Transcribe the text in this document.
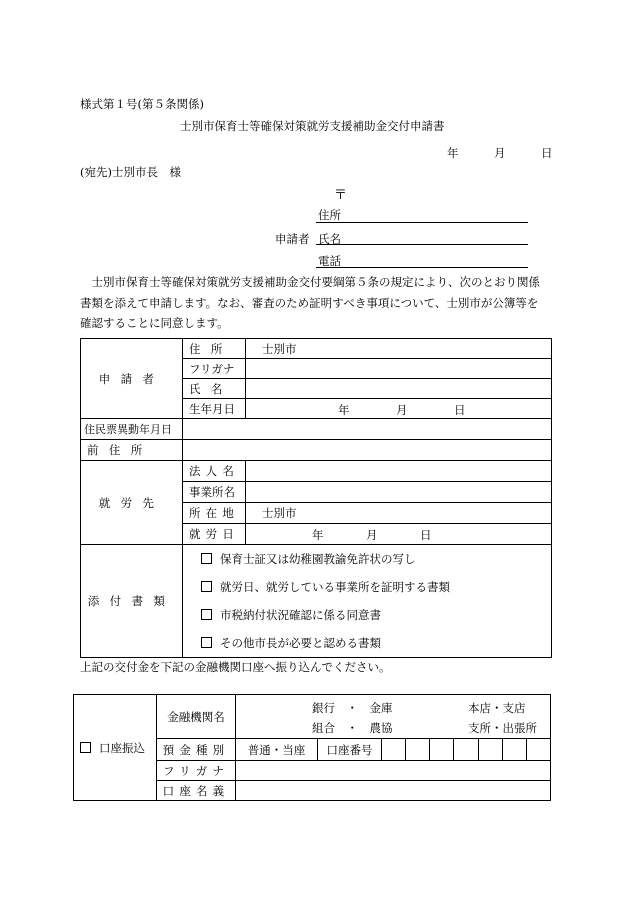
様式第１号(第５条関係)
士別市保育士等確保対策就労支援補助金交付申請書
年	月	日
(宛先)士別市長　様
〒
住所
申請者 氏名
電話
　士別市保育士等確保対策就労支援補助金交付要綱第５条の規定により、次のとおり関係
書類を添えて申請します。なお、審査のため証明すべき事項について、士別市が公簿等を
確認することに同意します。
申請者	住所	士別市
	フリガナ	
	氏名	
	生年月日	年 月 日

住民票異動年月日		
前住所		
就労先	法人名	
	事業所名	
	所在地	士別市
	就労日	年 月 日

添付書類	保育士証又は幼稚園教諭免許状の写し
就労日、就労している事業所を証明する書類
市税納付状況確認に係る同意書
その他市長が必要と認める書類	
上記の交付金を下記の金融機関口座へ振り込んでください。
口座振込	金融機関名	銀行　・　金庫
組合　・　農協
本店・支店
支所・出張所								

	預金種別	普通・当座	口座番号							
	フリガナ									
	口座名義									
